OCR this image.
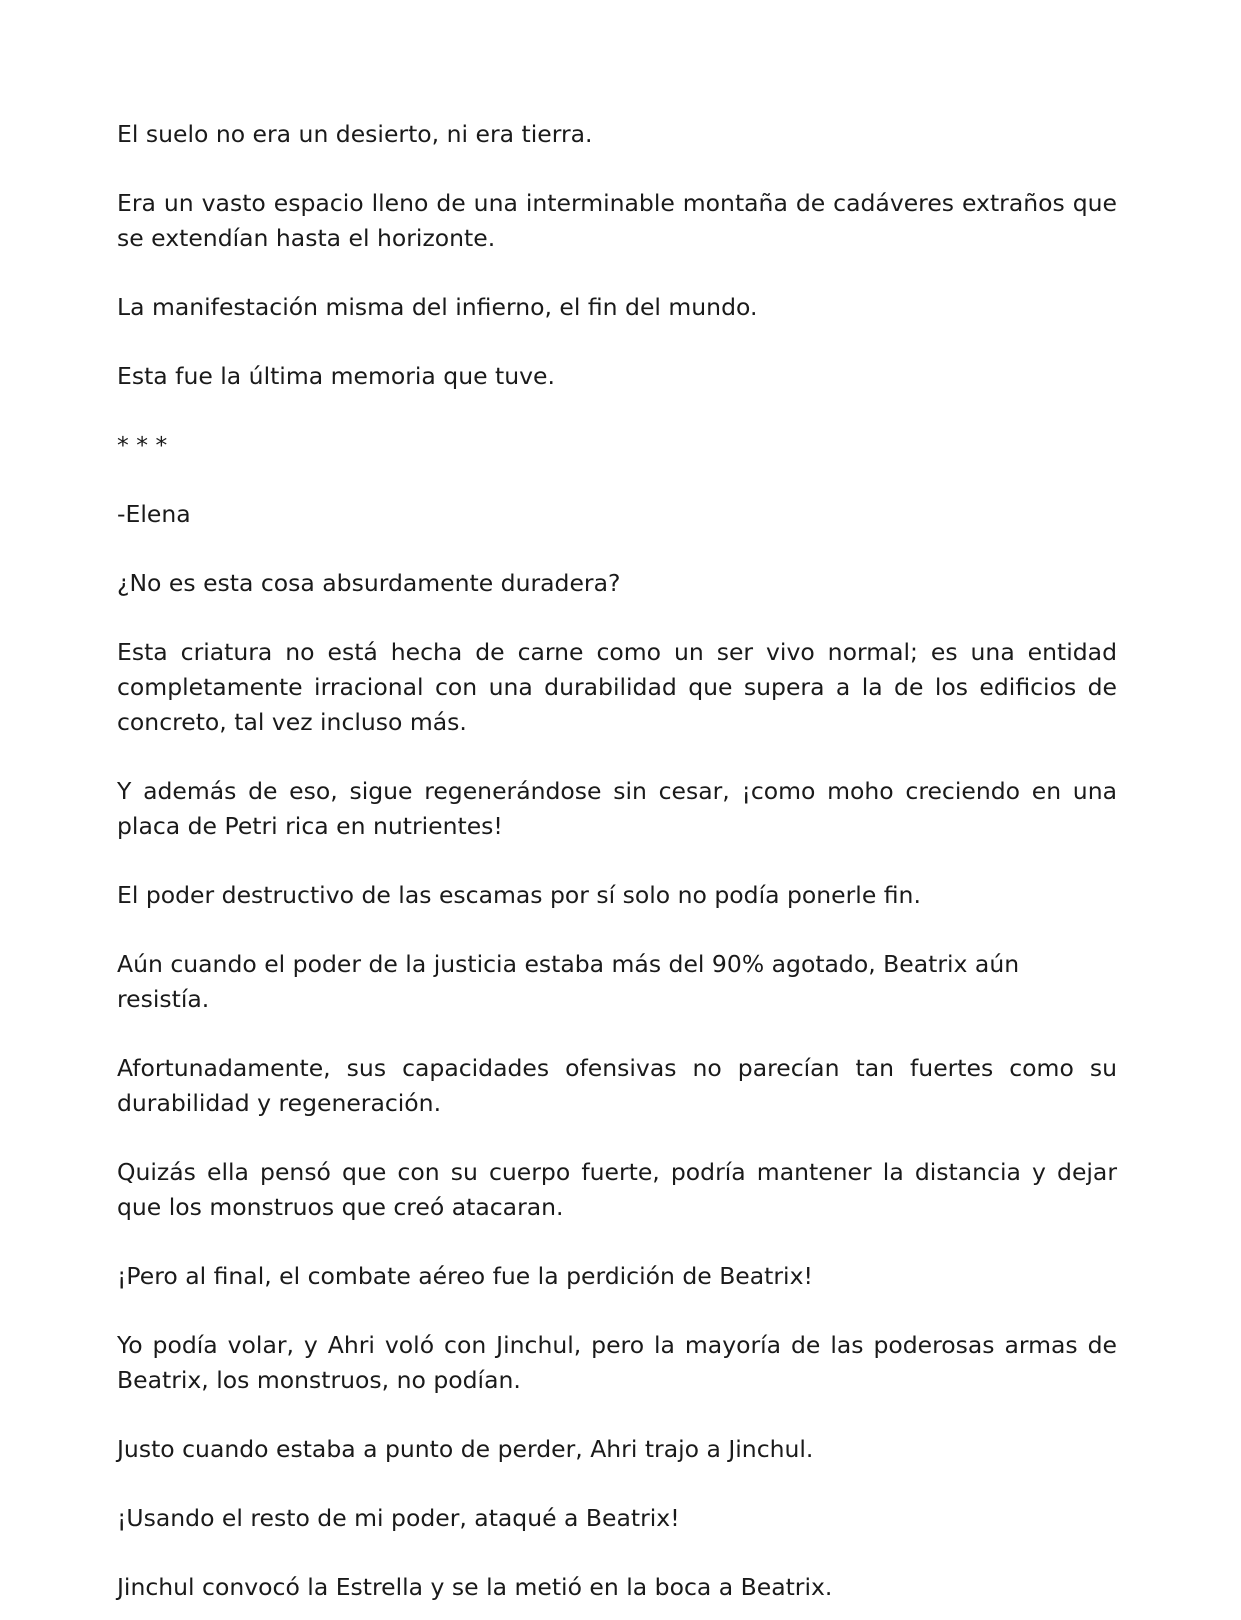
El suelo no era un desierto, ni era tierra.

Era un vasto espacio lleno de una interminable montaña de cadáveres extraños que se extendían hasta el horizonte.

La manifestación misma del infierno, el fin del mundo.

Esta fue la última memoria que tuve.

* * *

-Elena

¿No es esta cosa absurdamente duradera?

Esta criatura no está hecha de carne como un ser vivo normal; es una entidad completamente irracional con una durabilidad que supera a la de los edificios de concreto, tal vez incluso más.

Y además de eso, sigue regenerándose sin cesar, ¡como moho creciendo en una placa de Petri rica en nutrientes!

El poder destructivo de las escamas por sí solo no podía ponerle fin.

Aún cuando el poder de la justicia estaba más del 90% agotado, Beatrix aún resistía.

Afortunadamente, sus capacidades ofensivas no parecían tan fuertes como su durabilidad y regeneración.

Quizás ella pensó que con su cuerpo fuerte, podría mantener la distancia y dejar que los monstruos que creó atacaran.

¡Pero al final, el combate aéreo fue la perdición de Beatrix!

Yo podía volar, y Ahri voló con Jinchul, pero la mayoría de las poderosas armas de Beatrix, los monstruos, no podían.

Justo cuando estaba a punto de perder, Ahri trajo a Jinchul.

¡Usando el resto de mi poder, ataqué a Beatrix!

Jinchul convocó la Estrella y se la metió en la boca a Beatrix.
